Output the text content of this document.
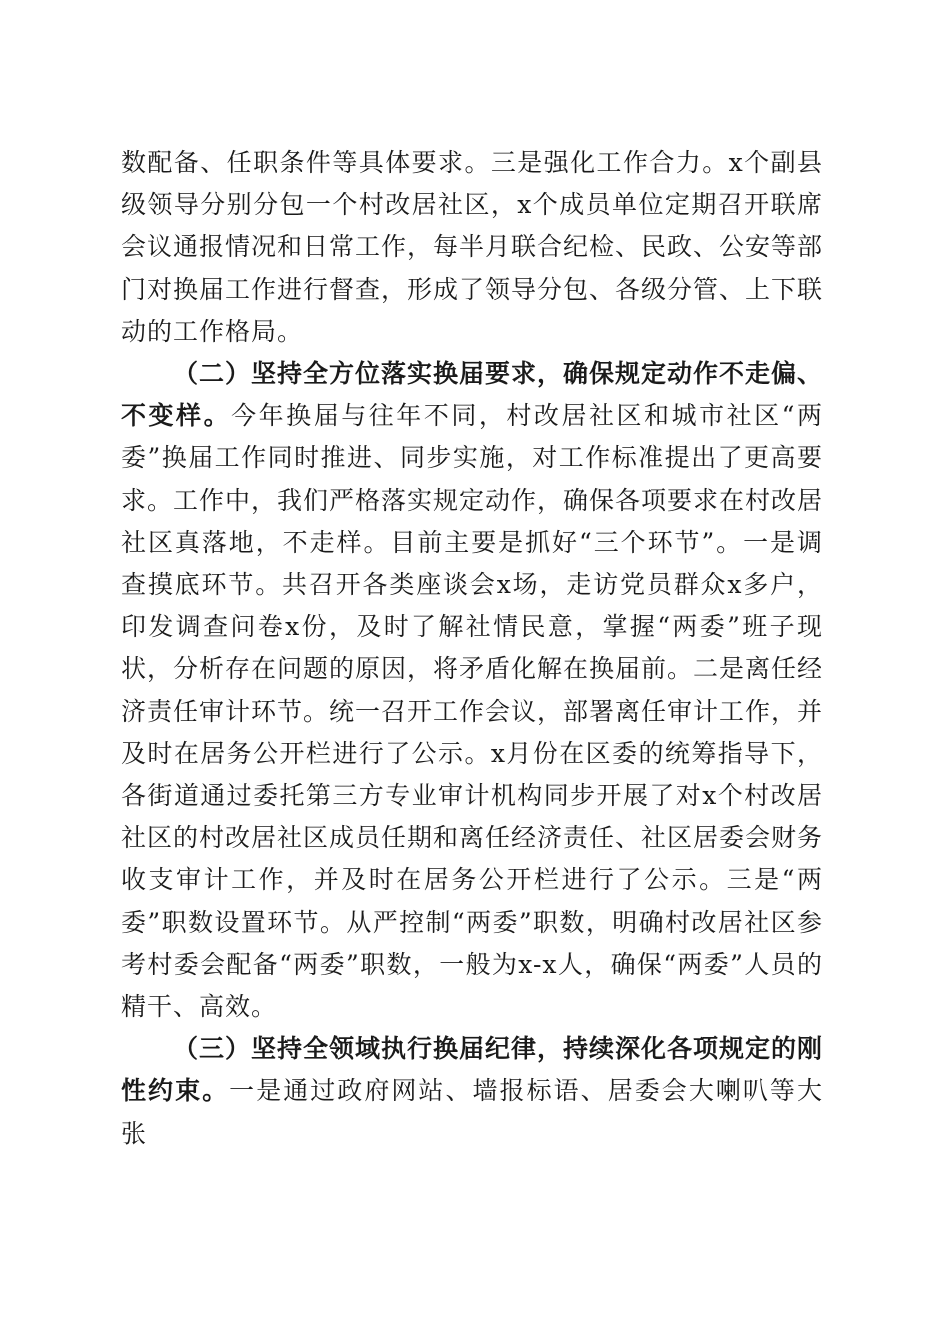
数配备、任职条件等具体要求。三是强化工作合力。x个副县级领导分别分包一个村改居社区，x个成员单位定期召开联席会议通报情况和日常工作，每半月联合纪检、民政、公安等部门对换届工作进行督查，形成了领导分包、各级分管、上下联动的工作格局。

（二）坚持全方位落实换届要求，确保规定动作不走偏、不变样。今年换届与往年不同，村改居社区和城市社区“两委”换届工作同时推进、同步实施，对工作标准提出了更高要求。工作中，我们严格落实规定动作，确保各项要求在村改居社区真落地，不走样。目前主要是抓好“三个环节”。一是调查摸底环节。共召开各类座谈会x场，走访党员群众x多户，印发调查问卷x份，及时了解社情民意，掌握“两委”班子现状，分析存在问题的原因，将矛盾化解在换届前。二是离任经济责任审计环节。统一召开工作会议，部署离任审计工作，并及时在居务公开栏进行了公示。x月份在区委的统筹指导下，各街道通过委托第三方专业审计机构同步开展了对x个村改居社区的村改居社区成员任期和离任经济责任、社区居委会财务收支审计工作，并及时在居务公开栏进行了公示。三是“两委”职数设置环节。从严控制“两委”职数，明确村改居社区参考村委会配备“两委”职数，一般为x-x人，确保“两委”人员的精干、高效。

（三）坚持全领域执行换届纪律，持续深化各项规定的刚性约束。一是通过政府网站、墙报标语、居委会大喇叭等大张
